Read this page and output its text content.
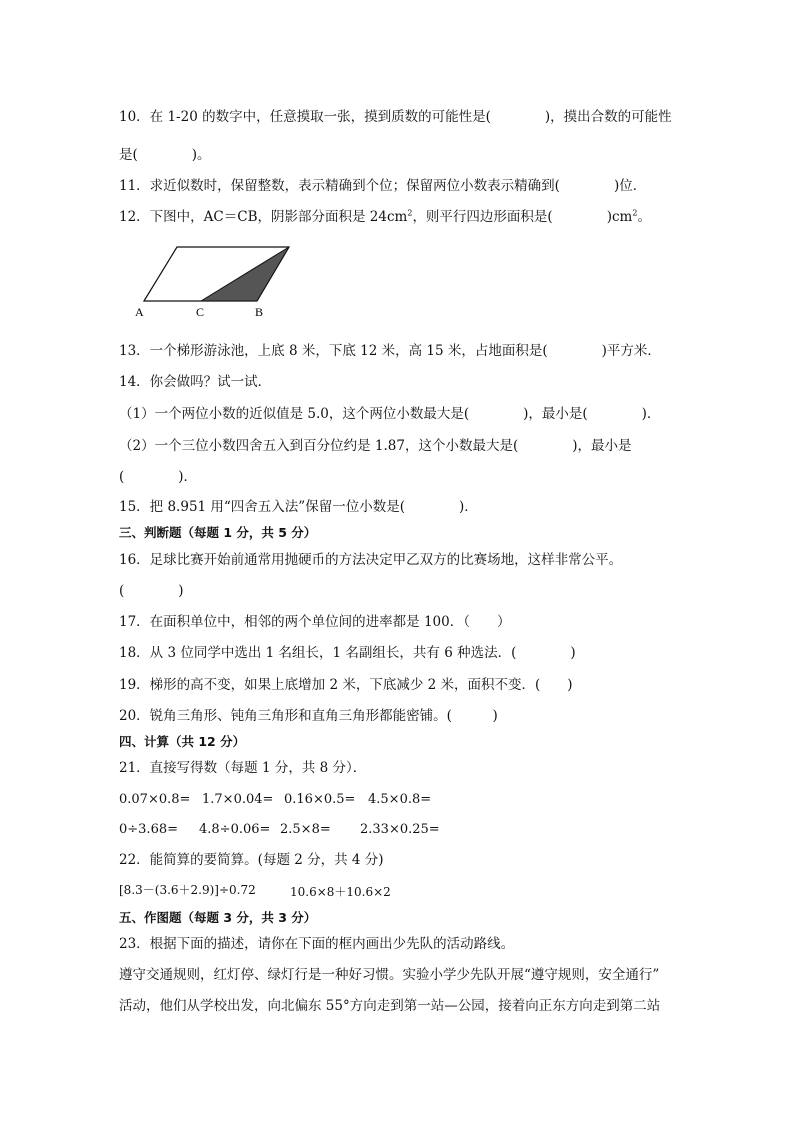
10．在 1-20 的数字中，任意摸取一张，摸到质数的可能性是(　　　　)，摸出合数的可能性
是(　　　　)。
11．求近似数时，保留整数，表示精确到个位；保留两位小数表示精确到(　　　　)位．
12．下图中，AC＝CB，阴影部分面积是 $24cm^2$，则平行四边形面积是(　　　　)$cm^2$。
A	C	B
13．一个梯形游泳池，上底 8 米，下底 12 米，高 15 米，占地面积是(　　　　)平方米．
14．你会做吗？试一试．
（1）一个两位小数的近似值是 5.0，这个两位小数最大是(　　　　)，最小是(　　　　)．
（2）一个三位小数四舍五入到百分位约是 1.87，这个小数最大是(　　　　)，最小是
(　　　　)．
15．把 8.951 用“四舍五入法”保留一位小数是(　　　　)．
三、判断题（每题 1 分，共 5 分）
16．足球比赛开始前通常用抛硬币的方法决定甲乙双方的比赛场地，这样非常公平。
(　　　　)
17．在面积单位中，相邻的两个单位间的进率都是 100．（　　）
18．从 3 位同学中选出 1 名组长，1 名副组长，共有 6 种选法．(　　　　)
19．梯形的高不变，如果上底增加 2 米，下底减少 2 米，面积不变．(　　)
20．锐角三角形、钝角三角形和直角三角形都能密铺。(　　　)
四、计算（共 12 分）
21．直接写得数（每题 1 分，共 8 分）．
0.07×0.8= 1.7×0.04= 0.16×0.5= 4.5×0.8=
0÷3.68= 4.8÷0.06= 2.5×8= 2.33×0.25=
22．能简算的要简算。(每题 2 分，共 4 分)
[8.3－(3.6＋2.9)]÷0.72	10.6×8＋10.6×2
五、作图题（每题 3 分，共 3 分）
23．根据下面的描述，请你在下面的框内画出少先队的活动路线。
遵守交通规则，红灯停、绿灯行是一种好习惯。实验小学少先队开展“遵守规则，安全通行”
活动，他们从学校出发，向北偏东 55°方向走到第一站—公园，接着向正东方向走到第二站
